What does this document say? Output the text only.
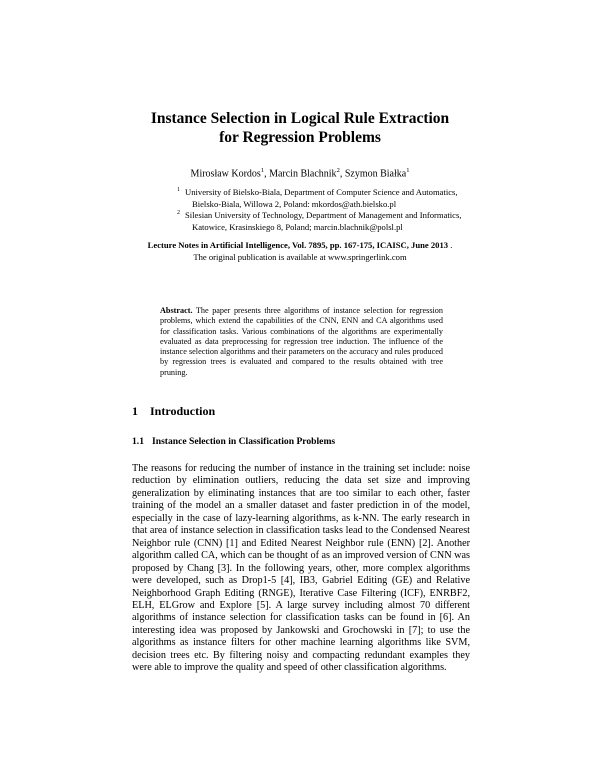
Instance Selection in Logical Rule Extraction
for Regression Problems
Mirosław Kordos$^1$, Marcin Blachnik$^2$, Szymon Białka$^1$
1 University of Bielsko-Biala, Department of Computer Science and Automatics,
Bielsko-Biala, Willowa 2, Poland: mkordos@ath.bielsko.pl
2 Silesian University of Technology, Department of Management and Informatics,
Katowice, Krasinskiego 8, Poland; marcin.blachnik@polsl.pl
Lecture Notes in Artificial Intelligence, Vol. 7895, pp. 167-175, ICAISC, June 2013 .
The original publication is available at www.springerlink.com
Abstract. The paper presents three algorithms of instance selection for regression problems, which extend the capabilities of the CNN, ENN and CA algorithms used for classification tasks. Various combinations of the algorithms are experimentally evaluated as data preprocessing for regression tree induction. The influence of the instance selection algorithms and their parameters on the accuracy and rules produced by regression trees is evaluated and compared to the results obtained with tree pruning.
1 Introduction
1.1 Instance Selection in Classification Problems

The reasons for reducing the number of instance in the training set include: noise reduction by elimination outliers, reducing the data set size and improving generalization by eliminating instances that are too similar to each other, faster training of the model an a smaller dataset and faster prediction in of the model, especially in the case of lazy-learning algorithms, as k-NN. The early research in that area of instance selection in classification tasks lead to the Condensed Nearest Neighbor rule (CNN) [1] and Edited Nearest Neighbor rule (ENN) [2]. Another algorithm called CA, which can be thought of as an improved version of CNN was proposed by Chang [3]. In the following years, other, more complex algorithms were developed, such as Drop1-5 [4], IB3, Gabriel Editing (GE) and Relative Neighborhood Graph Editing (RNGE), Iterative Case Filtering (ICF), ENRBF2, ELH, ELGrow and Explore [5]. A large survey including almost 70 different algorithms of instance selection for classification tasks can be found in [6]. An interesting idea was proposed by Jankowski and Grochowski in [7]; to use the algorithms as instance filters for other machine learning algorithms like SVM, decision trees etc. By filtering noisy and compacting redundant examples they were able to improve the quality and speed of other classification algorithms.
